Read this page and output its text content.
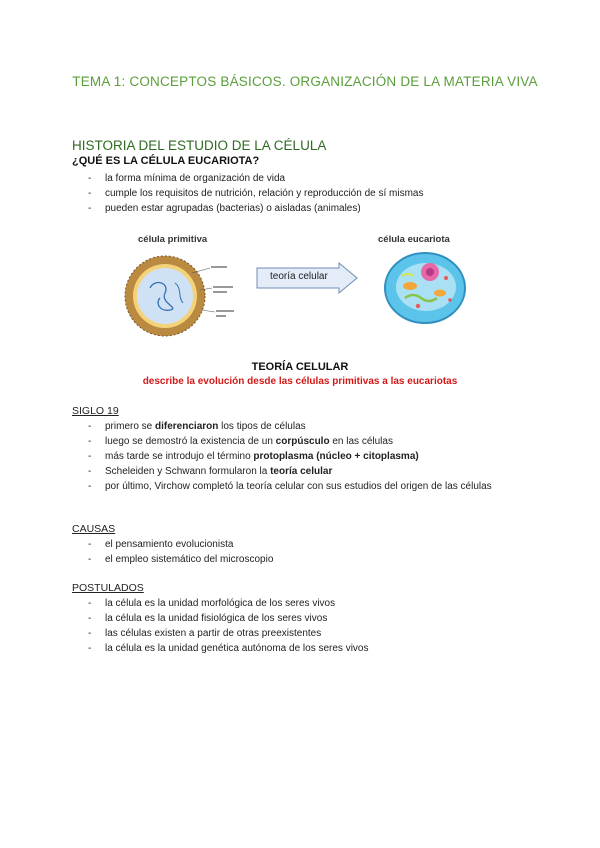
TEMA 1: CONCEPTOS BÁSICOS. ORGANIZACIÓN DE LA MATERIA VIVA
HISTORIA DEL ESTUDIO DE LA CÉLULA
¿QUÉ ES LA CÉLULA EUCARIOTA?
- la forma mínima de organización de vida
- cumple los requisitos de nutrición, relación y reproducción de sí mismas
- pueden estar agrupadas (bacterias) o aisladas (animales)
célula primitiva	célula eucariota
teoría celular
TEORÍA CELULAR
describe la evolución desde las células primitivas a las eucariotas
SIGLO 19
- primero se diferenciaron los tipos de células
- luego se demostró la existencia de un corpúsculo en las células
- más tarde se introdujo el término protoplasma (núcleo + citoplasma)
- Scheleiden y Schwann formularon la teoría celular
- por último, Virchow completó la teoría celular con sus estudios del origen de las células
CAUSAS
- el pensamiento evolucionista
- el empleo sistemático del microscopio
POSTULADOS
- la célula es la unidad morfológica de los seres vivos
- la célula es la unidad fisiológica de los seres vivos
- las células existen a partir de otras preexistentes
- la célula es la unidad genética autónoma de los seres vivos
